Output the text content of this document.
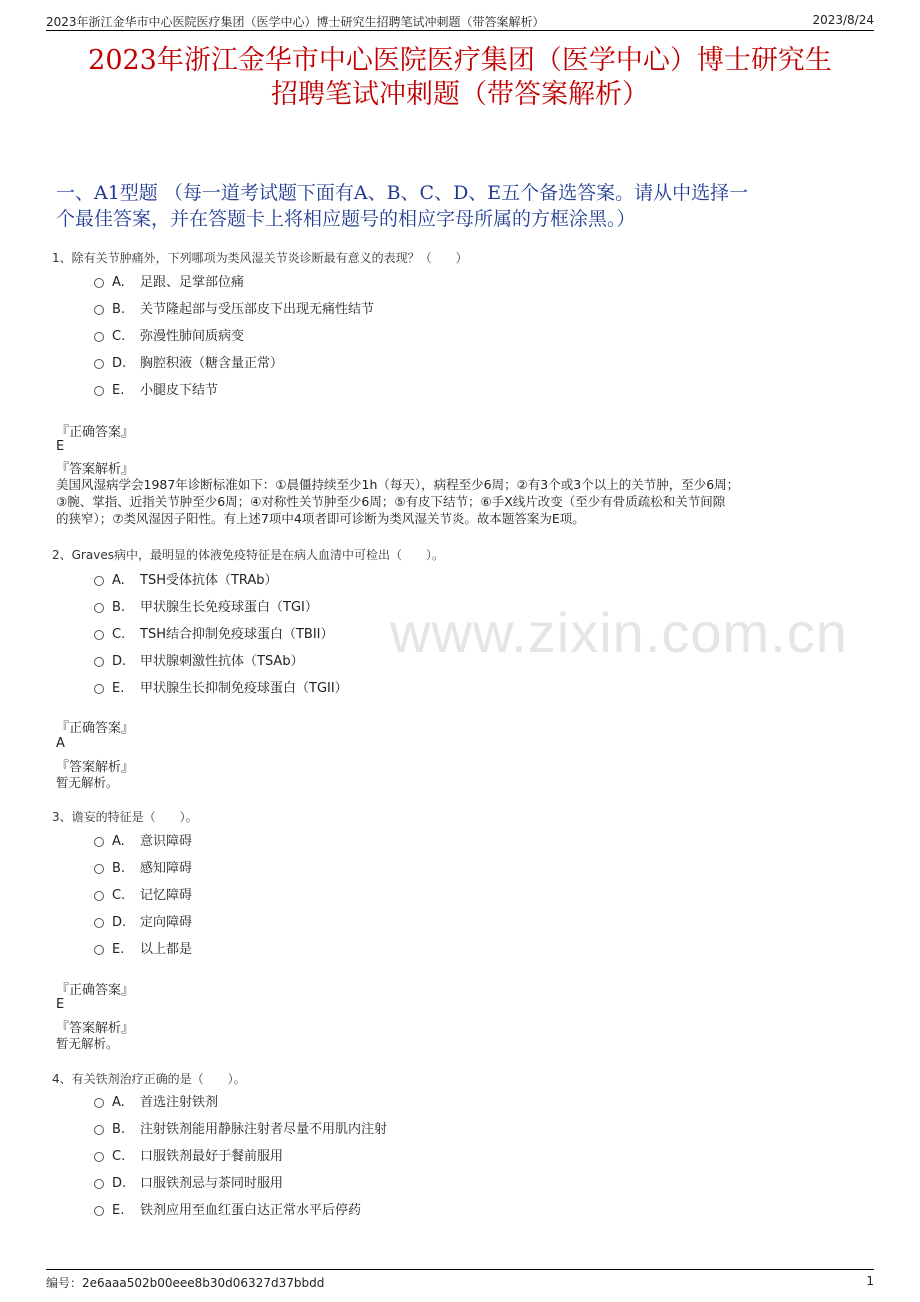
2023年浙江金华市中心医院医疗集团（医学中心）博士研究生招聘笔试冲刺题（带答案解析）	2023/8/24
2023年浙江金华市中心医院医疗集团（医学中心）博士研究生
招聘笔试冲刺题（带答案解析）
一、A1型题 （每一道考试题下面有A、B、C、D、E五个备选答案。请从中选择一
个最佳答案，并在答题卡上将相应题号的相应字母所属的方框涂黑。）
www.zixin.com.cn
1、除有关节肿痛外，下列哪项为类风湿关节炎诊断最有意义的表现？（　　）
A. 足跟、足掌部位痛
B. 关节隆起部与受压部皮下出现无痛性结节
C. 弥漫性肺间质病变
D. 胸腔积液（糖含量正常）
E. 小腿皮下结节
『正确答案』
E
『答案解析』
美国风湿病学会1987年诊断标准如下：①晨僵持续至少1h（每天），病程至少6周；②有3个或3个以上的关节肿，至少6周；
③腕、掌指、近指关节肿至少6周；④对称性关节肿至少6周；⑤有皮下结节；⑥手X线片改变（至少有骨质疏松和关节间隙
的狭窄）；⑦类风湿因子阳性。有上述7项中4项者即可诊断为类风湿关节炎。故本题答案为E项。
2、Graves病中，最明显的体液免疫特征是在病人血清中可检出（　　）。
A. TSH受体抗体（TRAb）
B. 甲状腺生长免疫球蛋白（TGI）
C. TSH结合抑制免疫球蛋白（TBII）
D. 甲状腺刺激性抗体（TSAb）
E. 甲状腺生长抑制免疫球蛋白（TGII）
『正确答案』
A
『答案解析』
暂无解析。
3、谵妄的特征是（　　）。
A. 意识障碍
B. 感知障碍
C. 记忆障碍
D. 定向障碍
E. 以上都是
『正确答案』
E
『答案解析』
暂无解析。
4、有关铁剂治疗正确的是（　　）。
A. 首选注射铁剂
B. 注射铁剂能用静脉注射者尽量不用肌内注射
C. 口服铁剂最好于餐前服用
D. 口服铁剂忌与茶同时服用
E. 铁剂应用至血红蛋白达正常水平后停药
编号：2e6aaa502b00eee8b30d06327d37bbdd	1
